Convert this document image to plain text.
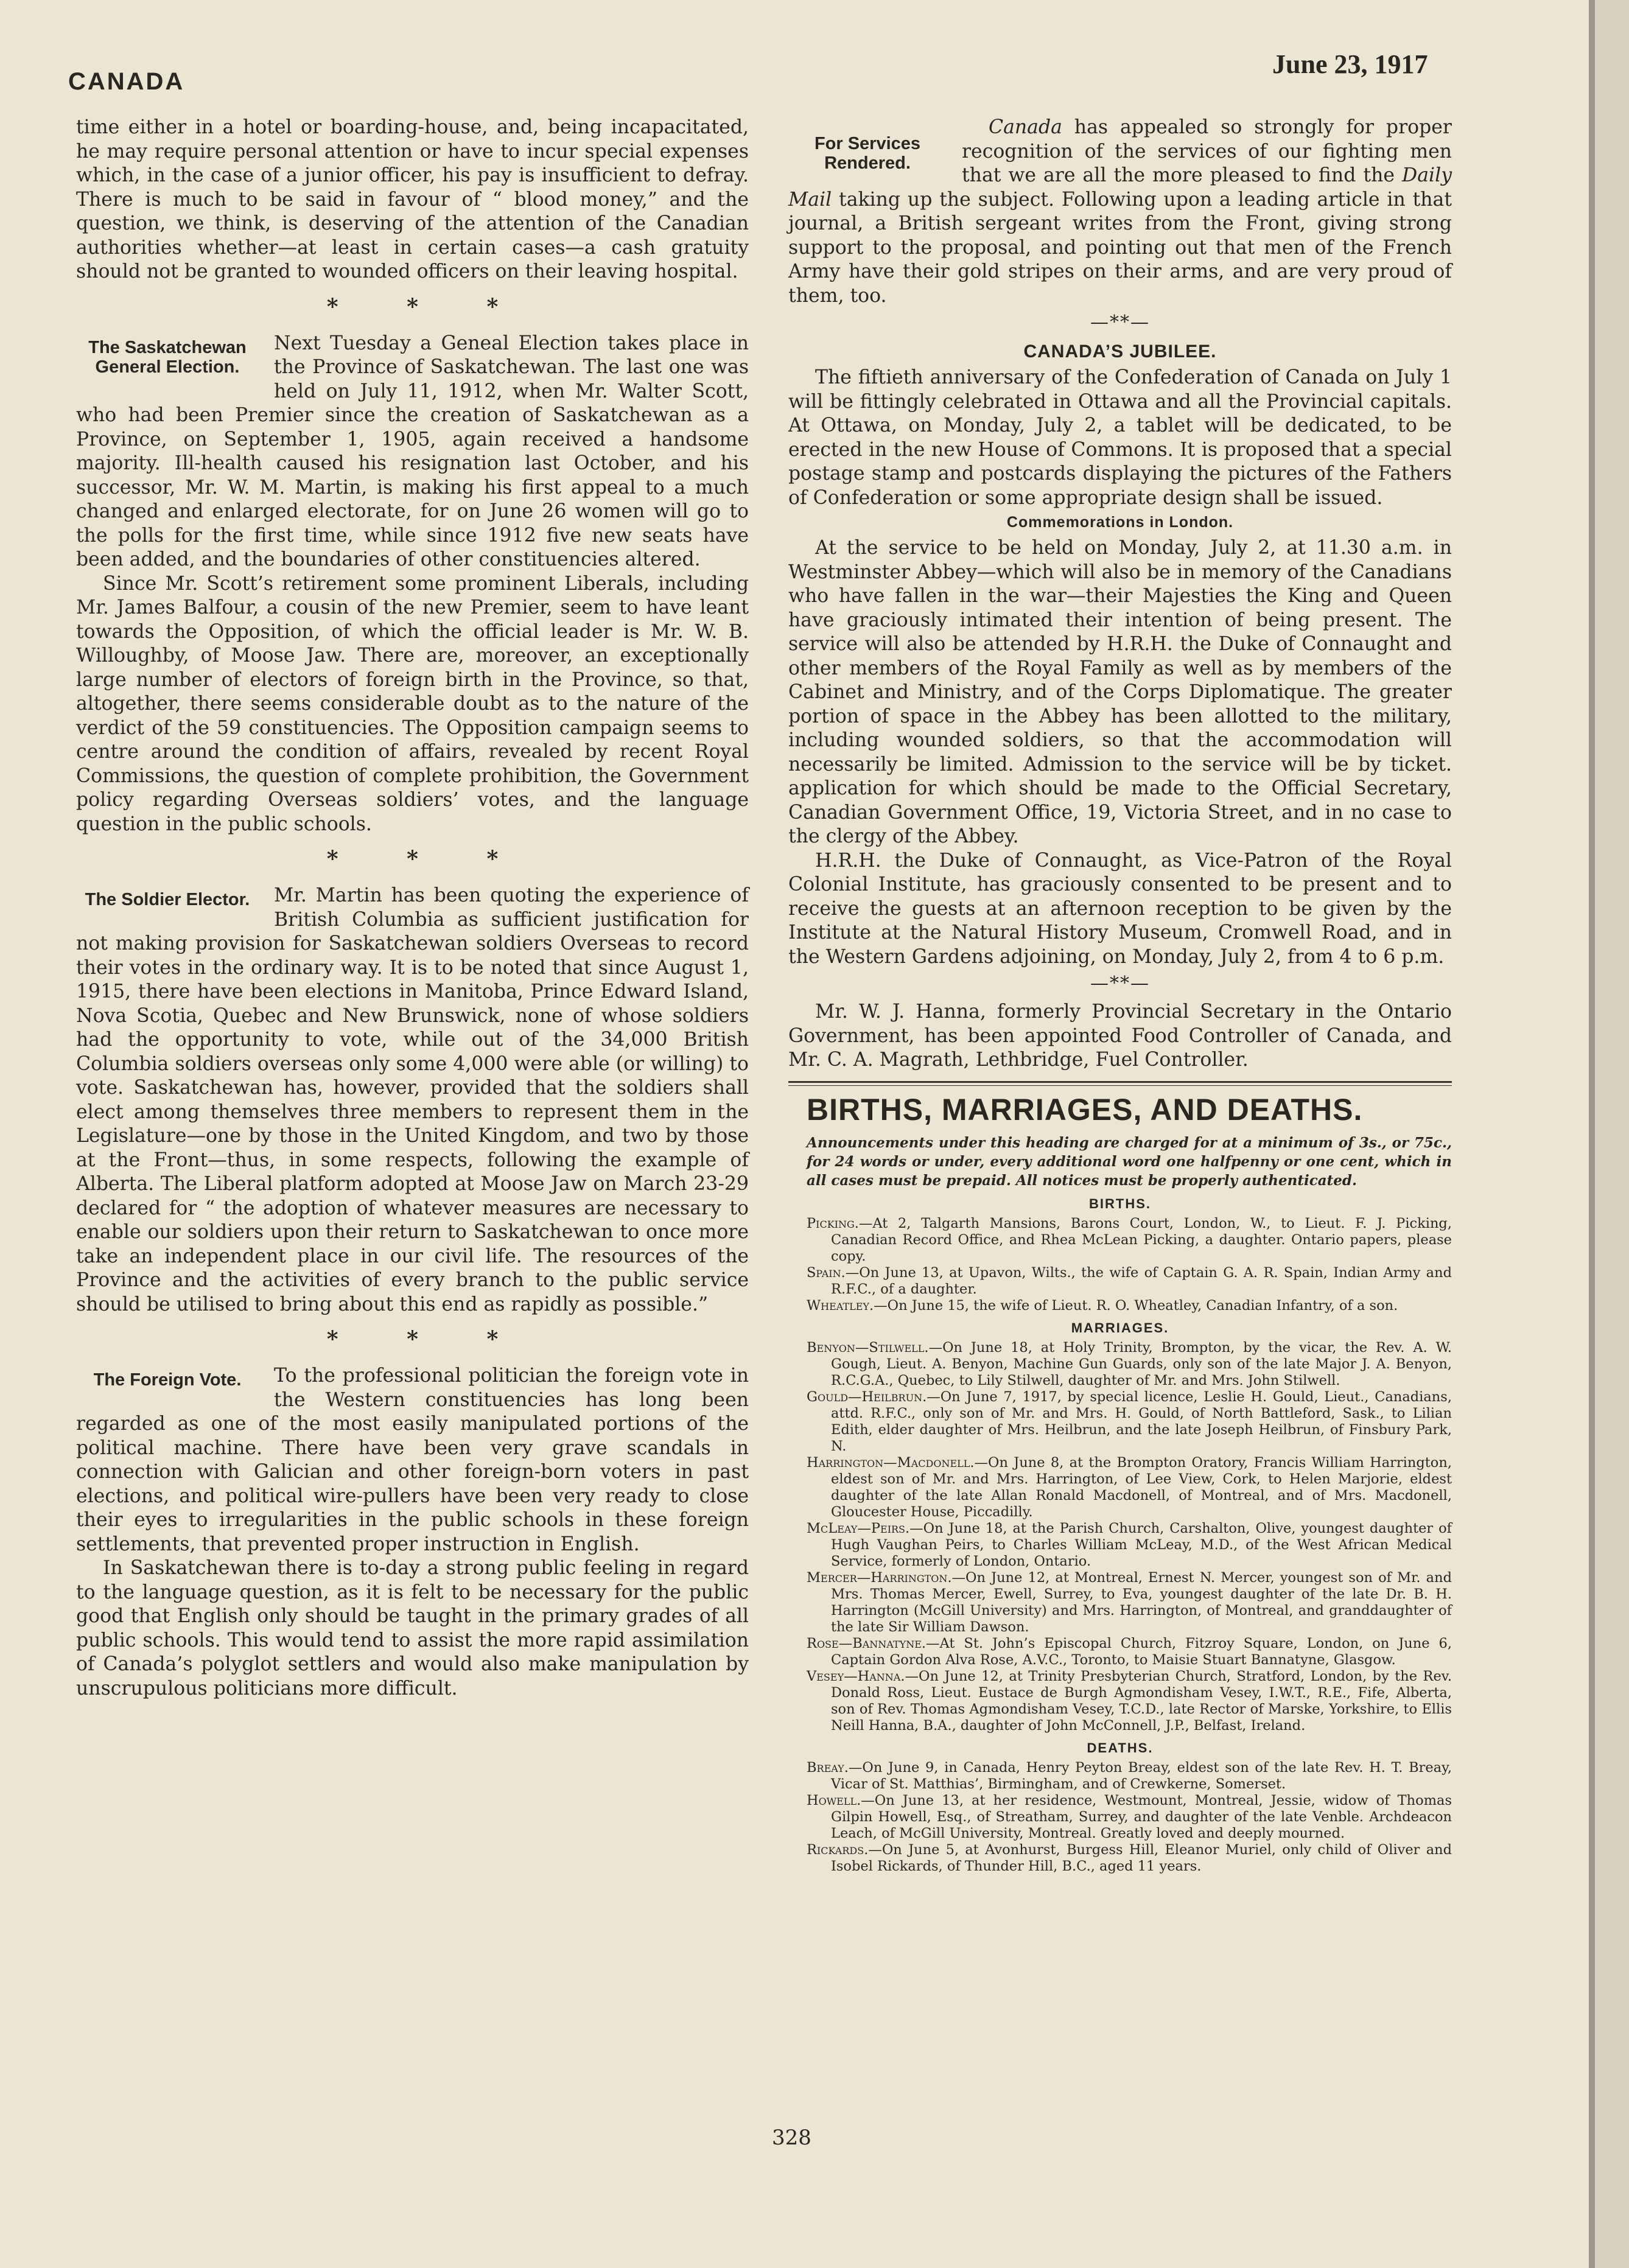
CANADA
June 23, 1917

time either in a hotel or boarding-house, and, being incapacitated, he may require personal attention or have to incur special expenses which, in the case of a junior officer, his pay is insufficient to defray. There is much to be said in favour of “ blood money,” and the question, we think, is deserving of the attention of the Canadian authorities whether—at least in certain cases—a cash gratuity should not be granted to wounded officers on their leaving hospital.

* * *
The Saskatchewan General Election.

Next Tuesday a Geneal Election takes place in the Province of Saskatchewan. The last one was held on July 11, 1912, when Mr. Walter Scott, who had been Premier since the creation of Saskatchewan as a Province, on September 1, 1905, again received a handsome majority. Ill-health caused his resignation last October, and his successor, Mr. W. M. Martin, is making his first appeal to a much changed and enlarged electorate, for on June 26 women will go to the polls for the first time, while since 1912 five new seats have been added, and the boundaries of other constituencies altered.

Since Mr. Scott’s retirement some prominent Liberals, including Mr. James Balfour, a cousin of the new Premier, seem to have leant towards the Opposition, of which the official leader is Mr. W. B. Willoughby, of Moose Jaw. There are, moreover, an exceptionally large number of electors of foreign birth in the Province, so that, altogether, there seems considerable doubt as to the nature of the verdict of the 59 constituencies. The Opposition campaign seems to centre around the condition of affairs, revealed by recent Royal Commissions, the question of complete prohibition, the Government policy regarding Overseas soldiers’ votes, and the language question in the public schools.

* * *
The Soldier Elector.	Mr. Martin has been quoting the experience of British Columbia as sufficient justification for not making provision for Saskatchewan soldiers Overseas to record their votes in the ordinary way. It is to be noted that since August 1, 1915, there have been elections in Manitoba, Prince Edward Island, Nova Scotia, Quebec and New Brunswick, none of whose soldiers had the opportunity to vote, while out of the 34,000 British Columbia soldiers overseas only some 4,000 were able (or willing) to vote. Saskatchewan has, however, provided that the soldiers shall elect among themselves three members to represent them in the Legislature—one by those in the United Kingdom, and two by those at the Front—thus, in some respects, following the example of Alberta. The Liberal platform adopted at Moose Jaw on March 23-29 declared for “ the adoption of whatever measures are necessary to enable our soldiers upon their return to Saskatchewan to once more take an independent place in our civil life. The resources of the Province and the activities of every branch to the public service should be utilised to bring about this end as rapidly as possible.”

* * *
The Foreign Vote.	To the professional politician the foreign vote in the Western constituencies has long been regarded as one of the most easily manipulated portions of the political machine. There have been very grave scandals in connection with Galician and other foreign-born voters in past elections, and political wire-pullers have been very ready to close their eyes to irregularities in the public schools in these foreign settlements, that prevented proper instruction in English.

In Saskatchewan there is to-day a strong public feeling in regard to the language question, as it is felt to be necessary for the public good that English only should be taught in the primary grades of all public schools. This would tend to assist the more rapid assimilation of Canada’s polyglot settlers and would also make manipulation by unscrupulous politicians more difficult.

For Services Rendered.

Canada has appealed so strongly for proper recognition of the services of our fighting men that we are all the more pleased to find the Daily Mail taking up the subject. Following upon a leading article in that journal, a British sergeant writes from the Front, giving strong support to the proposal, and pointing out that men of the French Army have their gold stripes on their arms, and are very proud of them, too.

—**—
CANADA’S JUBILEE.

The fiftieth anniversary of the Confederation of Canada on July 1 will be fittingly celebrated in Ottawa and all the Provincial capitals. At Ottawa, on Monday, July 2, a tablet will be dedicated, to be erected in the new House of Commons. It is proposed that a special postage stamp and postcards displaying the pictures of the Fathers of Confederation or some appropriate design shall be issued.

Commemorations in London.

At the service to be held on Monday, July 2, at 11.30 a.m. in Westminster Abbey—which will also be in memory of the Canadians who have fallen in the war—their Majesties the King and Queen have graciously intimated their intention of being present. The service will also be attended by H.R.H. the Duke of Connaught and other members of the Royal Family as well as by members of the Cabinet and Ministry, and of the Corps Diplomatique. The greater portion of space in the Abbey has been allotted to the military, including wounded soldiers, so that the accommodation will necessarily be limited. Admission to the service will be by ticket. application for which should be made to the Official Secretary, Canadian Government Office, 19, Victoria Street, and in no case to the clergy of the Abbey.

H.R.H. the Duke of Connaught, as Vice-Patron of the Royal Colonial Institute, has graciously consented to be present and to receive the guests at an afternoon reception to be given by the Institute at the Natural History Museum, Cromwell Road, and in the Western Gardens adjoining, on Monday, July 2, from 4 to 6 p.m.

—**—

Mr. W. J. Hanna, formerly Provincial Secretary in the Ontario Government, has been appointed Food Controller of Canada, and Mr. C. A. Magrath, Lethbridge, Fuel Controller.

BIRTHS, MARRIAGES, AND DEATHS.
Announcements under this heading are charged for at a minimum of 3s., or 75c., for 24 words or under, every additional word one halfpenny or one cent, which in all cases must be prepaid. All notices must be properly authenticated.
BIRTHS.
Picking.—At 2, Talgarth Mansions, Barons Court, London, W., to Lieut. F. J. Picking, Canadian Record Office, and Rhea McLean Picking, a daughter. Ontario papers, please copy.
Spain.—On June 13, at Upavon, Wilts., the wife of Captain G. A. R. Spain, Indian Army and R.F.C., of a daughter.
Wheatley.—On June 15, the wife of Lieut. R. O. Wheatley, Canadian Infantry, of a son.
MARRIAGES.
Benyon—Stilwell.—On June 18, at Holy Trinity, Brompton, by the vicar, the Rev. A. W. Gough, Lieut. A. Benyon, Machine Gun Guards, only son of the late Major J. A. Benyon, R.C.G.A., Quebec, to Lily Stilwell, daughter of Mr. and Mrs. John Stilwell.
Gould—Heilbrun.—On June 7, 1917, by special licence, Leslie H. Gould, Lieut., Canadians, attd. R.F.C., only son of Mr. and Mrs. H. Gould, of North Battleford, Sask., to Lilian Edith, elder daughter of Mrs. Heilbrun, and the late Joseph Heilbrun, of Finsbury Park, N.
Harrington—Macdonell.—On June 8, at the Brompton Oratory, Francis William Harrington, eldest son of Mr. and Mrs. Harrington, of Lee View, Cork, to Helen Marjorie, eldest daughter of the late Allan Ronald Macdonell, of Montreal, and of Mrs. Macdonell, Gloucester House, Piccadilly.
McLeay—Peirs.—On June 18, at the Parish Church, Carshalton, Olive, youngest daughter of Hugh Vaughan Peirs, to Charles William McLeay, M.D., of the West African Medical Service, formerly of London, Ontario.
Mercer—Harrington.—On June 12, at Montreal, Ernest N. Mercer, youngest son of Mr. and Mrs. Thomas Mercer, Ewell, Surrey, to Eva, youngest daughter of the late Dr. B. H. Harrington (McGill University) and Mrs. Harrington, of Montreal, and granddaughter of the late Sir William Dawson.
Rose—Bannatyne.—At St. John’s Episcopal Church, Fitzroy Square, London, on June 6, Captain Gordon Alva Rose, A.V.C., Toronto, to Maisie Stuart Bannatyne, Glasgow.
Vesey—Hanna.—On June 12, at Trinity Presbyterian Church, Stratford, London, by the Rev. Donald Ross, Lieut. Eustace de Burgh Agmondisham Vesey, I.W.T., R.E., Fife, Alberta, son of Rev. Thomas Agmondisham Vesey, T.C.D., late Rector of Marske, Yorkshire, to Ellis Neill Hanna, B.A., daughter of John McConnell, J.P., Belfast, Ireland.
DEATHS.
Breay.—On June 9, in Canada, Henry Peyton Breay, eldest son of the late Rev. H. T. Breay, Vicar of St. Matthias’, Birmingham, and of Crewkerne, Somerset.
Howell.—On June 13, at her residence, Westmount, Montreal, Jessie, widow of Thomas Gilpin Howell, Esq., of Streatham, Surrey, and daughter of the late Venble. Archdeacon Leach, of McGill University, Montreal. Greatly loved and deeply mourned.
Rickards.—On June 5, at Avonhurst, Burgess Hill, Eleanor Muriel, only child of Oliver and Isobel Rickards, of Thunder Hill, B.C., aged 11 years.
328
